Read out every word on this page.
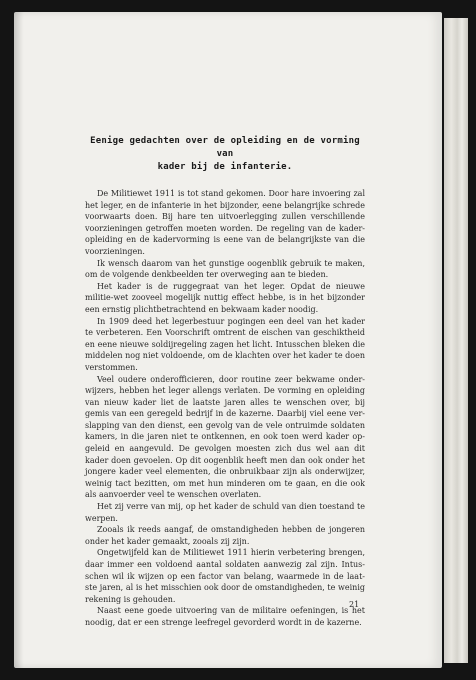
Eenige gedachten over de opleiding en de vorming van
kader bij de infanterie.

De Militiewet 1911 is tot stand gekomen. Door hare invoering zal het leger, en de infanterie in het bijzonder, eene belangrijke schrede voorwaarts doen. Bij hare ten uitvoerlegging zullen verschillende voorzieningen getroffen moeten worden. De regeling van de kader-opleiding en de kadervorming is eene van de belangrijkste van die voorzieningen.

Ik wensch daarom van het gunstige oogenblik gebruik te maken, om de volgende denkbeelden ter overweging aan te bieden.

Het kader is de ruggegraat van het leger. Opdat de nieuwe militie-wet zooveel mogelijk nuttig effect hebbe, is in het bijzonder een ernstig plichtbetrachtend en bekwaam kader noodig.

In 1909 deed het legerbestuur pogingen een deel van het kader te verbeteren. Een Voorschrift omtrent de eischen van geschiktheid en eene nieuwe soldijregeling zagen het licht. Intusschen bleken die middelen nog niet voldoende, om de klachten over het kader te doen verstommen.

Veel oudere onderofficieren, door routine zeer bekwame onder-wijzers, hebben het leger allengs verlaten. De vorming en opleiding van nieuw kader liet de laatste jaren alles te wenschen over, bij gemis van een geregeld bedrijf in de kazerne. Daarbij viel eene ver-slapping van den dienst, een gevolg van de vele ontruimde soldaten kamers, in die jaren niet te ontkennen, en ook toen werd kader op-geleid en aangevuld. De gevolgen moesten zich dus wel aan dit kader doen gevoelen. Op dit oogenblik heeft men dan ook onder het jongere kader veel elementen, die onbruikbaar zijn als onderwijzer, weinig tact bezitten, om met hun minderen om te gaan, en die ook als aanvoerder veel te wenschen overlaten.

Het zij verre van mij, op het kader de schuld van dien toestand te werpen.

Zooals ik reeds aangaf, de omstandigheden hebben de jongeren onder het kader gemaakt, zooals zij zijn.

Ongetwijfeld kan de Militiewet 1911 hierin verbetering brengen, daar immer een voldoend aantal soldaten aanwezig zal zijn. Intus-schen wil ik wijzen op een factor van belang, waarmede in de laat-ste jaren, al is het misschien ook door de omstandigheden, te weinig rekening is gehouden.

Naast eene goede uitvoering van de militaire oefeningen, is het noodig, dat er een strenge leefregel gevorderd wordt in de kazerne.

21
